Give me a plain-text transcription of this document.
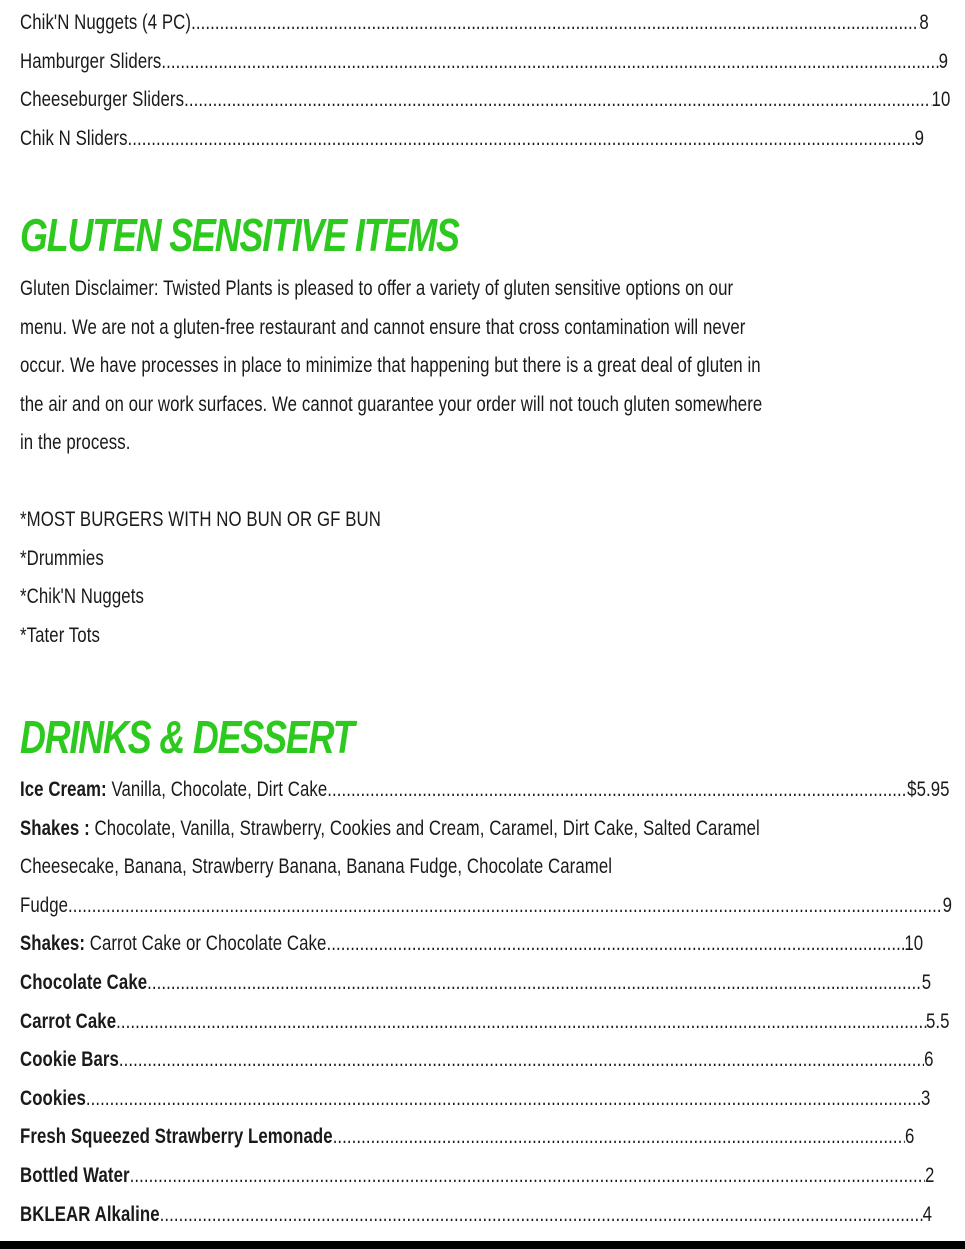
Chik'N Nuggets (4 PC)... .....	8
Hamburger Sliders .....	9
Cheeseburger Sliders .....	10
Chik N Sliders .....	9
GLUTEN SENSITIVE ITEMS
Gluten Disclaimer: Twisted Plants is pleased to offer a variety of gluten sensitive options on our
menu. We are not a gluten-free restaurant and cannot ensure that cross contamination will never
occur. We have processes in place to minimize that happening but there is a great deal of gluten in
the air and on our work surfaces. We cannot guarantee your order will not touch gluten somewhere
in the process.
*MOST BURGERS WITH NO BUN OR GF BUN
*Drummies
*Chik'N Nuggets
*Tater Tots
DRINKS & DESSERT
Ice Cream: Vanilla, Chocolate, Dirt Cake .....	$5.95
Shakes : Chocolate, Vanilla, Strawberry, Cookies and Cream, Caramel, Dirt Cake, Salted Caramel
Cheesecake, Banana, Strawberry Banana, Banana Fudge, Chocolate Caramel
Fudge .....	9
Shakes: Carrot Cake or Chocolate Cake .....	10
Chocolate Cake .....	5
Carrot Cake .....	5.5
Cookie Bars .....	6
Cookies .....	3
Fresh Squeezed Strawberry Lemonade .....	6
Bottled Water .....	2
BKLEAR Alkaline .....	4
